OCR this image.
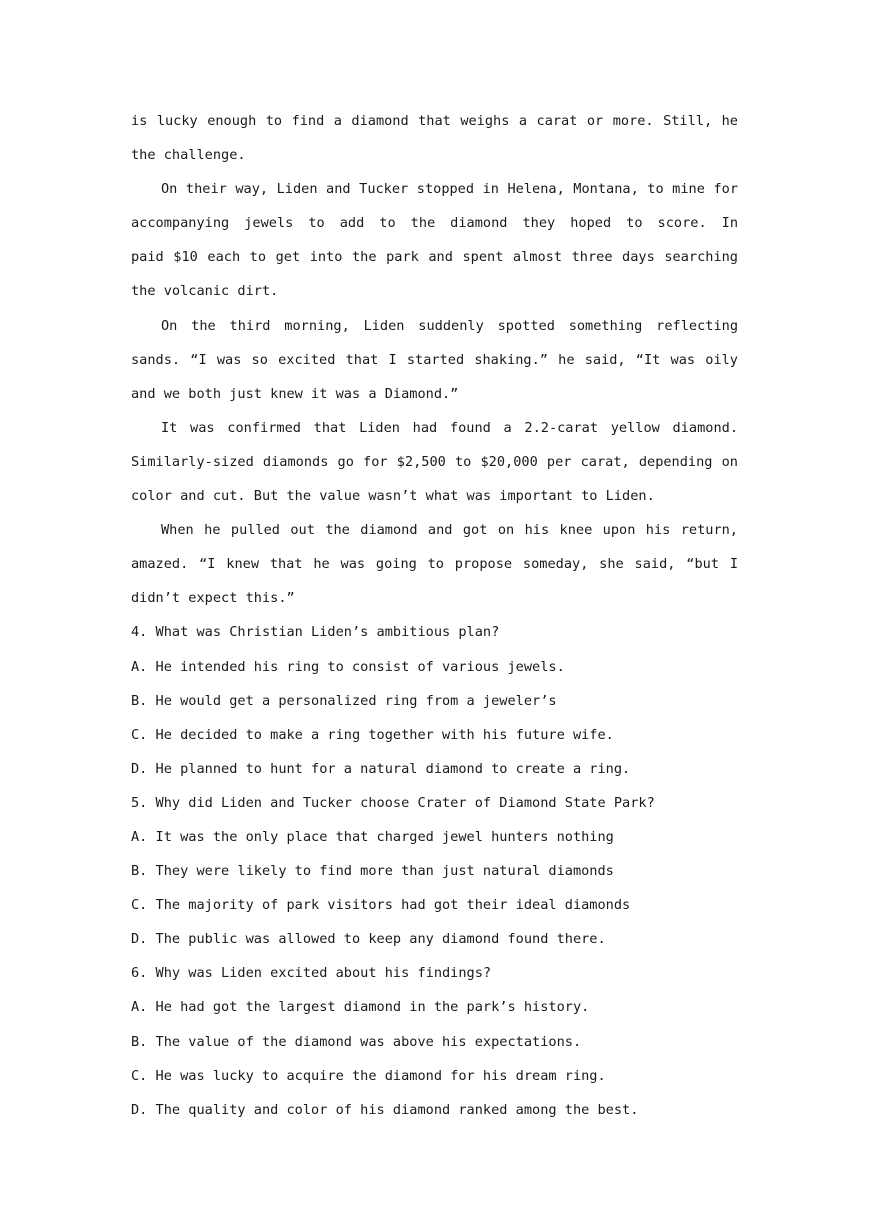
is lucky enough to find a diamond that weighs a carat or more. Still, he
the challenge.
On their way, Liden and Tucker stopped in Helena, Montana, to mine for
accompanying jewels to add to the diamond they hoped to score. In
paid $10 each to get into the park and spent almost three days searching
the volcanic dirt.
On the third morning, Liden suddenly spotted something reflecting
sands. “I was so excited that I started shaking.” he said, “It was oily
and we both just knew it was a Diamond.”
It was confirmed that Liden had found a 2.2-carat yellow diamond.
Similarly-sized diamonds go for $2,500 to $20,000 per carat, depending on
color and cut. But the value wasn’t what was important to Liden.
When he pulled out the diamond and got on his knee upon his return,
amazed. “I knew that he was going to propose someday, she said, “but I
didn’t expect this.”
4. What was Christian Liden’s ambitious plan?
A. He intended his ring to consist of various jewels.
B. He would get a personalized ring from a jeweler’s
C. He decided to make a ring together with his future wife.
D. He planned to hunt for a natural diamond to create a ring.
5. Why did Liden and Tucker choose Crater of Diamond State Park?
A. It was the only place that charged jewel hunters nothing
B. They were likely to find more than just natural diamonds
C. The majority of park visitors had got their ideal diamonds
D. The public was allowed to keep any diamond found there.
6. Why was Liden excited about his findings?
A. He had got the largest diamond in the park’s history.
B. The value of the diamond was above his expectations.
C. He was lucky to acquire the diamond for his dream ring.
D. The quality and color of his diamond ranked among the best.
